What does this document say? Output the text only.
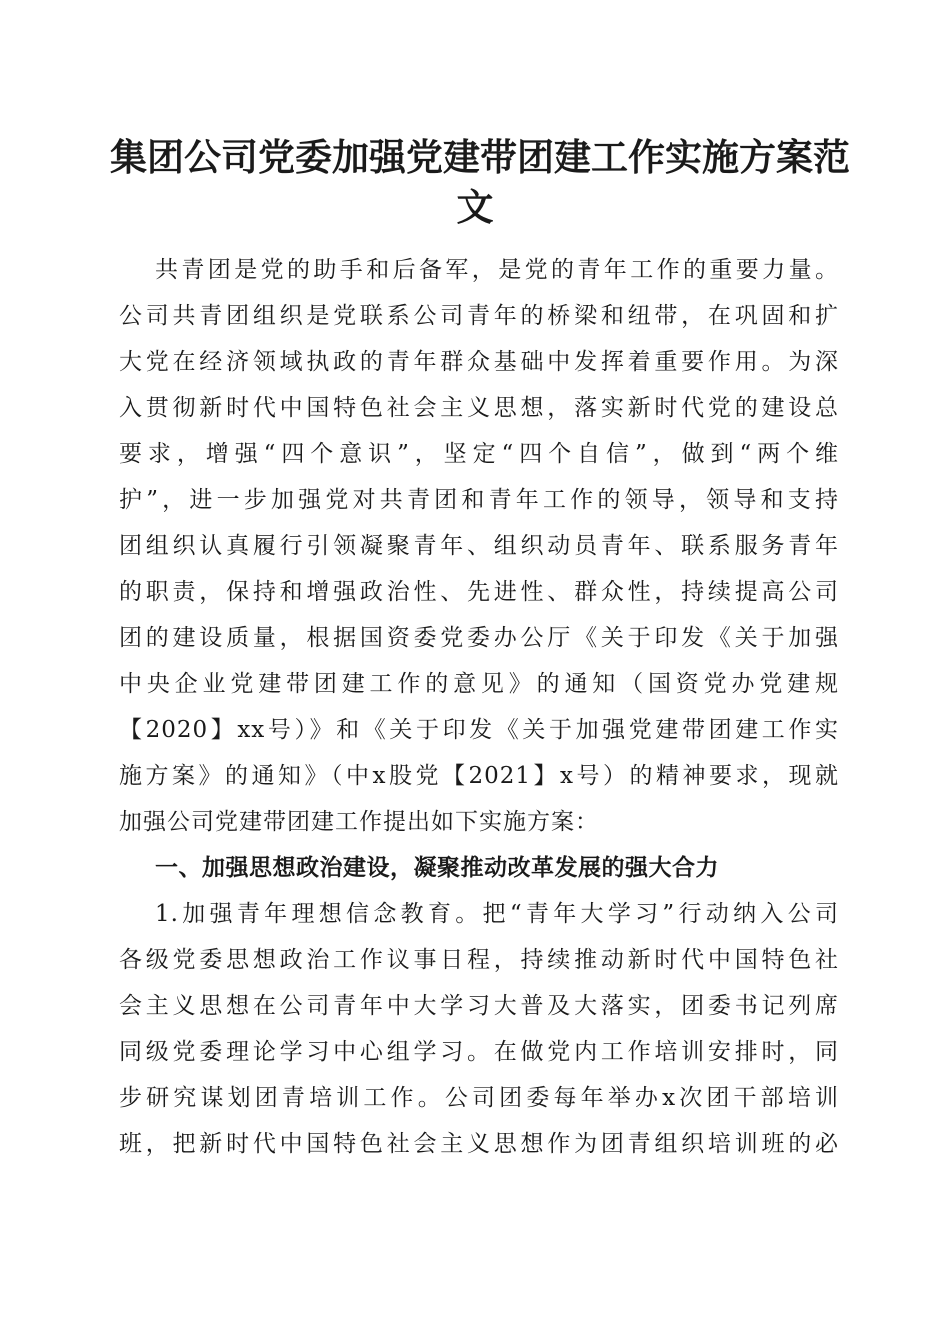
集团公司党委加强党建带团建工作实施方案范
文
共青团是党的助手和后备军，是党的青年工作的重要力量。
公司共青团组织是党联系公司青年的桥梁和纽带，在巩固和扩
大党在经济领域执政的青年群众基础中发挥着重要作用。为深
入贯彻新时代中国特色社会主义思想，落实新时代党的建设总
要求，增强“四个意识”，坚定“四个自信”，做到“两个维
护”，进一步加强党对共青团和青年工作的领导，领导和支持
团组织认真履行引领凝聚青年、组织动员青年、联系服务青年
的职责，保持和增强政治性、先进性、群众性，持续提高公司
团的建设质量，根据国资委党委办公厅《关于印发《关于加强
中央企业党建带团建工作的意见》的通知（国资党办党建规
【2020】xx号）》和《关于印发《关于加强党建带团建工作实
施方案》的通知》（中x股党【2021】x号）的精神要求，现就
加强公司党建带团建工作提出如下实施方案：
一、加强思想政治建设，凝聚推动改革发展的强大合力
1.加强青年理想信念教育。把“青年大学习”行动纳入公司
各级党委思想政治工作议事日程，持续推动新时代中国特色社
会主义思想在公司青年中大学习大普及大落实，团委书记列席
同级党委理论学习中心组学习。在做党内工作培训安排时，同
步研究谋划团青培训工作。公司团委每年举办x次团干部培训
班，把新时代中国特色社会主义思想作为团青组织培训班的必
